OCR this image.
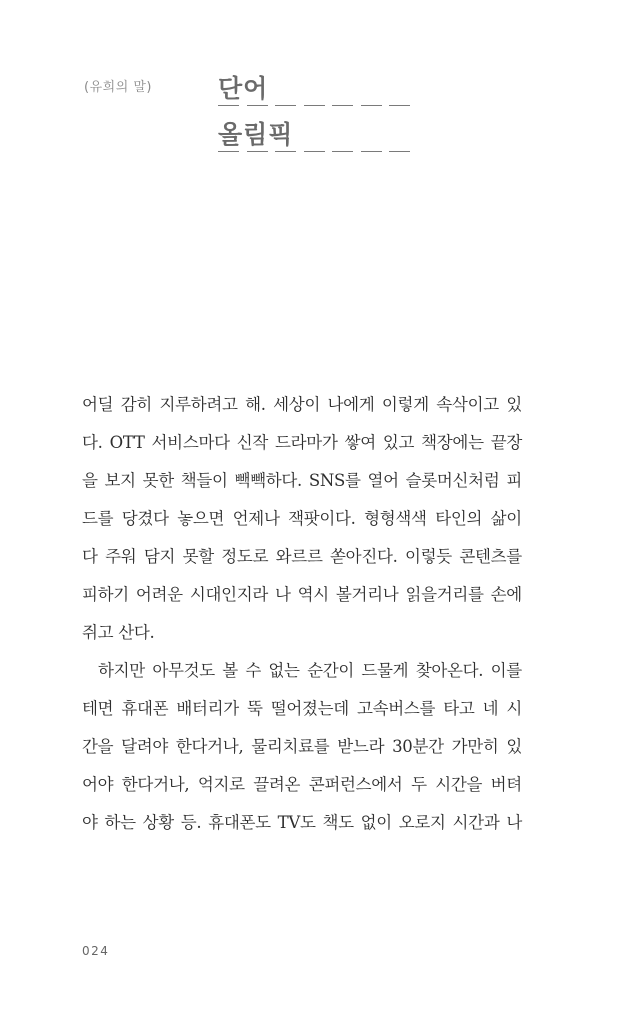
(유희의 말)	단어
올림픽
어딜 감히 지루하려고 해. 세상이 나에게 이렇게 속삭이고 있
다. OTT 서비스마다 신작 드라마가 쌓여 있고 책장에는 끝장
을 보지 못한 책들이 빽빽하다. SNS를 열어 슬롯머신처럼 피
드를 당겼다 놓으면 언제나 잭팟이다. 형형색색 타인의 삶이
다 주워 담지 못할 정도로 와르르 쏟아진다. 이렇듯 콘텐츠를
피하기 어려운 시대인지라 나 역시 볼거리나 읽을거리를 손에
쥐고 산다.
하지만 아무것도 볼 수 없는 순간이 드물게 찾아온다. 이를
테면 휴대폰 배터리가 뚝 떨어졌는데 고속버스를 타고 네 시
간을 달려야 한다거나, 물리치료를 받느라 30분간 가만히 있
어야 한다거나, 억지로 끌려온 콘퍼런스에서 두 시간을 버텨
야 하는 상황 등. 휴대폰도 TV도 책도 없이 오로지 시간과 나
024
